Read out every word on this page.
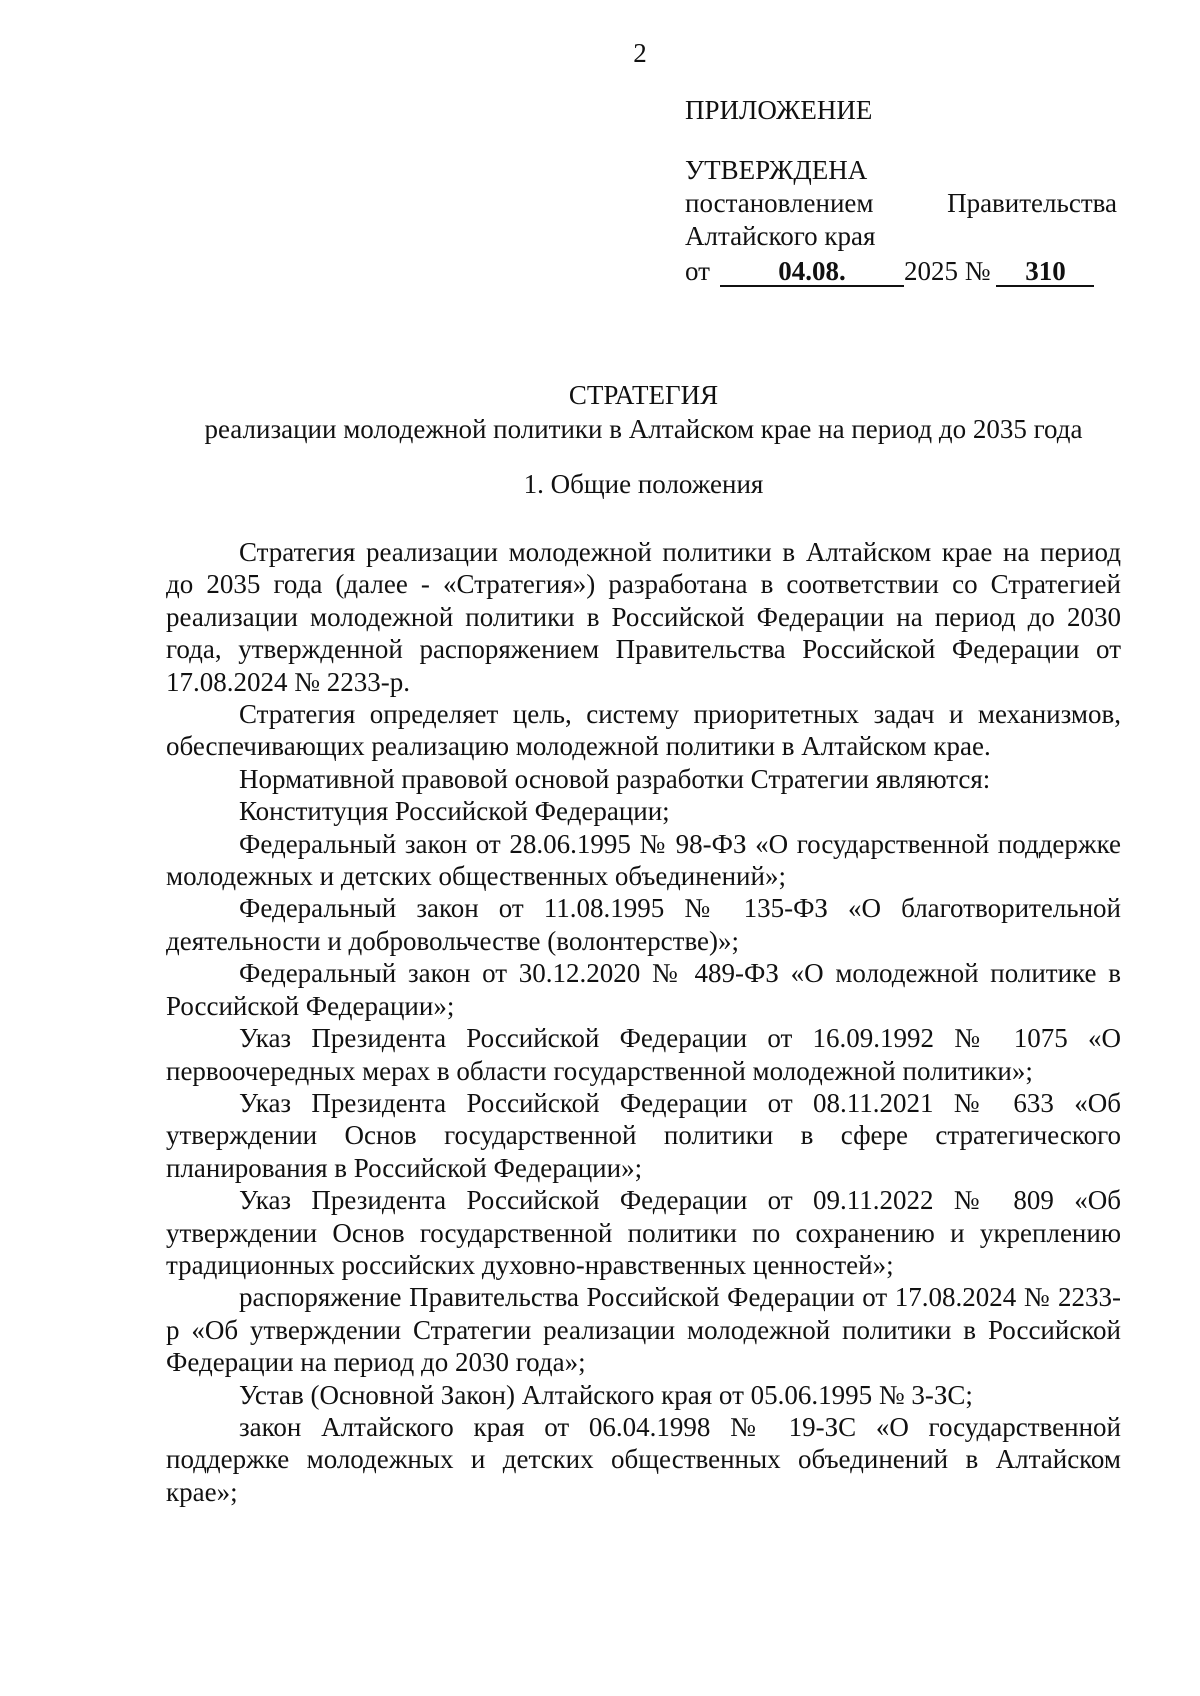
2
ПРИЛОЖЕНИЕ
УТВЕРЖДЕНА
постановлением	Правительства
Алтайского края
от	04.08.	2025 №	310
СТРАТЕГИЯ
реализации молодежной политики в Алтайском крае на период до 2035 года
1. Общие положения

Стратегия реализации молодежной политики в Алтайском крае на период до 2035 года (далее - «Стратегия») разработана в соответствии со Стратегией реализации молодежной политики в Российской Федерации на период до 2030 года, утвержденной распоряжением Правительства Российской Федерации от 17.08.2024 № 2233-р.

Стратегия определяет цель, систему приоритетных задач и механизмов, обеспечивающих реализацию молодежной политики в Алтайском крае.

Нормативной правовой основой разработки Стратегии являются:

Конституция Российской Федерации;

Федеральный закон от 28.06.1995 № 98-ФЗ «О государственной поддержке молодежных и детских общественных объединений»;

Федеральный закон от 11.08.1995 № 135-ФЗ «О благотворительной деятельности и добровольчестве (волонтерстве)»;

Федеральный закон от 30.12.2020 № 489-ФЗ «О молодежной политике в Российской Федерации»;

Указ Президента Российской Федерации от 16.09.1992 № 1075 «О первоочередных мерах в области государственной молодежной политики»;

Указ Президента Российской Федерации от 08.11.2021 № 633 «Об утверждении Основ государственной политики в сфере стратегического планирования в Российской Федерации»;

Указ Президента Российской Федерации от 09.11.2022 № 809 «Об утверждении Основ государственной политики по сохранению и укреплению традиционных российских духовно-нравственных ценностей»;

распоряжение Правительства Российской Федерации от 17.08.2024 № 2233-р «Об утверждении Стратегии реализации молодежной политики в Российской Федерации на период до 2030 года»;

Устав (Основной Закон) Алтайского края от 05.06.1995 № 3-ЗС;

закон Алтайского края от 06.04.1998 № 19-ЗС «О государственной поддержке молодежных и детских общественных объединений в Алтайском крае»;
